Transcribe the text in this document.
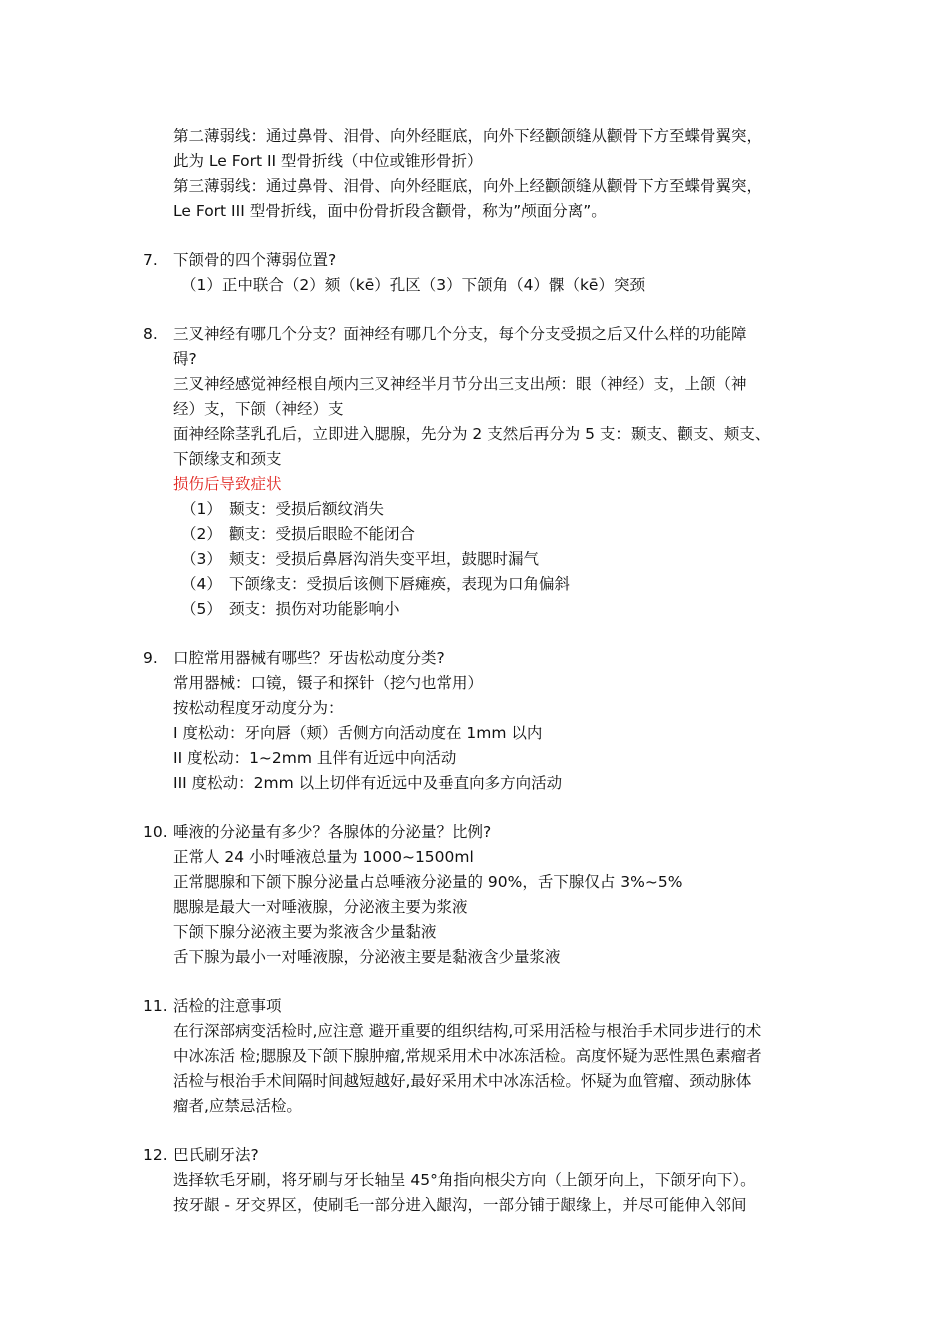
第二薄弱线：通过鼻骨、泪骨、向外经眶底，向外下经颧颌缝从颧骨下方至蝶骨翼突，
此为 Le Fort II 型骨折线（中位或锥形骨折）
第三薄弱线：通过鼻骨、泪骨、向外经眶底，向外上经颧颌缝从颧骨下方至蝶骨翼突，
Le Fort III 型骨折线，面中份骨折段含颧骨，称为”颅面分离”。
7. 下颌骨的四个薄弱位置?
（1）正中联合（2）颏（kē）孔区（3）下颌角（4）髁（kē）突颈
8. 三叉神经有哪几个分支？面神经有哪几个分支，每个分支受损之后又什么样的功能障
碍?
三叉神经感觉神经根自颅内三叉神经半月节分出三支出颅：眼（神经）支，上颌（神
经）支，下颌（神经）支
面神经除茎乳孔后，立即进入腮腺，先分为 2 支然后再分为 5 支：颞支、颧支、颊支、
下颌缘支和颈支
损伤后导致症状
（1） 颞支：受损后额纹消失
（2） 颧支：受损后眼睑不能闭合
（3） 颊支：受损后鼻唇沟消失变平坦，鼓腮时漏气
（4） 下颌缘支：受损后该侧下唇瘫痪，表现为口角偏斜
（5） 颈支：损伤对功能影响小
9. 口腔常用器械有哪些？牙齿松动度分类?
常用器械：口镜，镊子和探针（挖勺也常用）
按松动程度牙动度分为：
I 度松动：牙向唇（颊）舌侧方向活动度在 1mm 以内
II 度松动：1~2mm 且伴有近远中向活动
III 度松动：2mm 以上切伴有近远中及垂直向多方向活动
10. 唾液的分泌量有多少？各腺体的分泌量？比例?
正常人 24 小时唾液总量为 1000~1500ml
正常腮腺和下颌下腺分泌量占总唾液分泌量的 90%，舌下腺仅占 3%~5%
腮腺是最大一对唾液腺，分泌液主要为浆液
下颌下腺分泌液主要为浆液含少量黏液
舌下腺为最小一对唾液腺，分泌液主要是黏液含少量浆液
11. 活检的注意事项
在行深部病变活检时,应注意 避开重要的组织结构,可采用活检与根治手术同步进行的术
中冰冻活 检;腮腺及下颌下腺肿瘤,常规采用术中冰冻活检。高度怀疑为恶性黑色素瘤者
活检与根治手术间隔时间越短越好,最好采用术中冰冻活检。怀疑为血管瘤、颈动脉体
瘤者,应禁忌活检。
12. 巴氏刷牙法?
选择软毛牙刷，将牙刷与牙长轴呈 45°角指向根尖方向（上颌牙向上，下颌牙向下）。
按牙龈 - 牙交界区，使刷毛一部分进入龈沟，一部分铺于龈缘上，并尽可能伸入邻间
